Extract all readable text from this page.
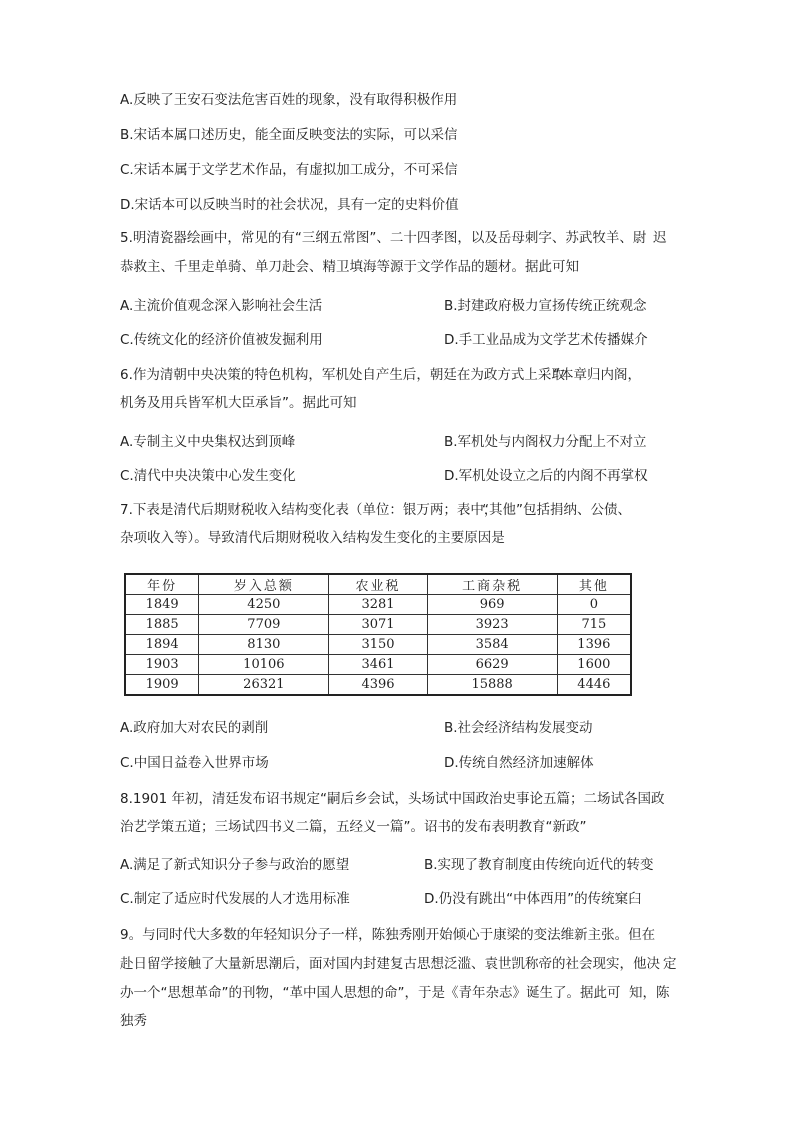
A.反映了王安石变法危害百姓的现象，没有取得积极作用
B.宋话本属口述历史，能全面反映变法的实际，可以采信
C.宋话本属于文学艺术作品，有虚拟加工成分，不可采信
D.宋话本可以反映当时的社会状况，具有一定的史料价值
5.明清瓷器绘画中，常见的有“三纲五常图”、二十四孝图，以及岳母刺字、苏武牧羊、尉 迟
恭救主、千里走单骑、单刀赴会、精卫填海等源于文学作品的题材。据此可知
A.主流价值观念深入影响社会生活	B.封建政府极力宣扬传统正统观念
C.传统文化的经济价值被发掘利用	D.手工业品成为文学艺术传播媒介
6.作为清朝中央决策的特色机构，军机处自产生后，朝廷在为政方式上采取
“本章归内阁，
机务及用兵皆军机大臣承旨”。据此可知
A.专制主义中央集权达到顶峰	B.军机处与内阁权力分配上不对立
C.清代中央决策中心发生变化	D.军机处设立之后的内阁不再掌权
7.下表是清代后期财税收入结构变化表（单位：银万两；表中，
“其他”包括捐纳、公债、
杂项收入等）。导致清代后期财税收入结构发生变化的主要原因是
年份	岁入总额	农业税	工商杂税	其他
1849	4250	3281	969	0
1885	7709	3071	3923	715
1894	8130	3150	3584	1396
1903	10106	3461	6629	1600
1909	26321	4396	15888	4446
A.政府加大对农民的剥削	B.社会经济结构发展变动
C.中国日益卷入世界市场	D.传统自然经济加速解体
8.1901 年初，清廷发布诏书规定“嗣后乡会试，头场试中国政治史事论五篇；二场试各国政
治艺学策五道；三场试四书义二篇，五经义一篇”。诏书的发布表明教育“新政”
A.满足了新式知识分子参与政治的愿望	B.实现了教育制度由传统向近代的转变
C.制定了适应时代发展的人才选用标准	D.仍没有跳出“中体西用”的传统窠臼
9。与同时代大多数的年轻知识分子一样，陈独秀刚开始倾心于康梁的变法维新主张。但在
赴日留学接触了大量新思潮后，面对国内封建复古思想泛滥、袁世凯称帝的社会现实，他决 定
办一个“思想革命”的刊物，“革中国人思想的命”，于是《青年杂志》诞生了。据此可 知，陈
独秀
